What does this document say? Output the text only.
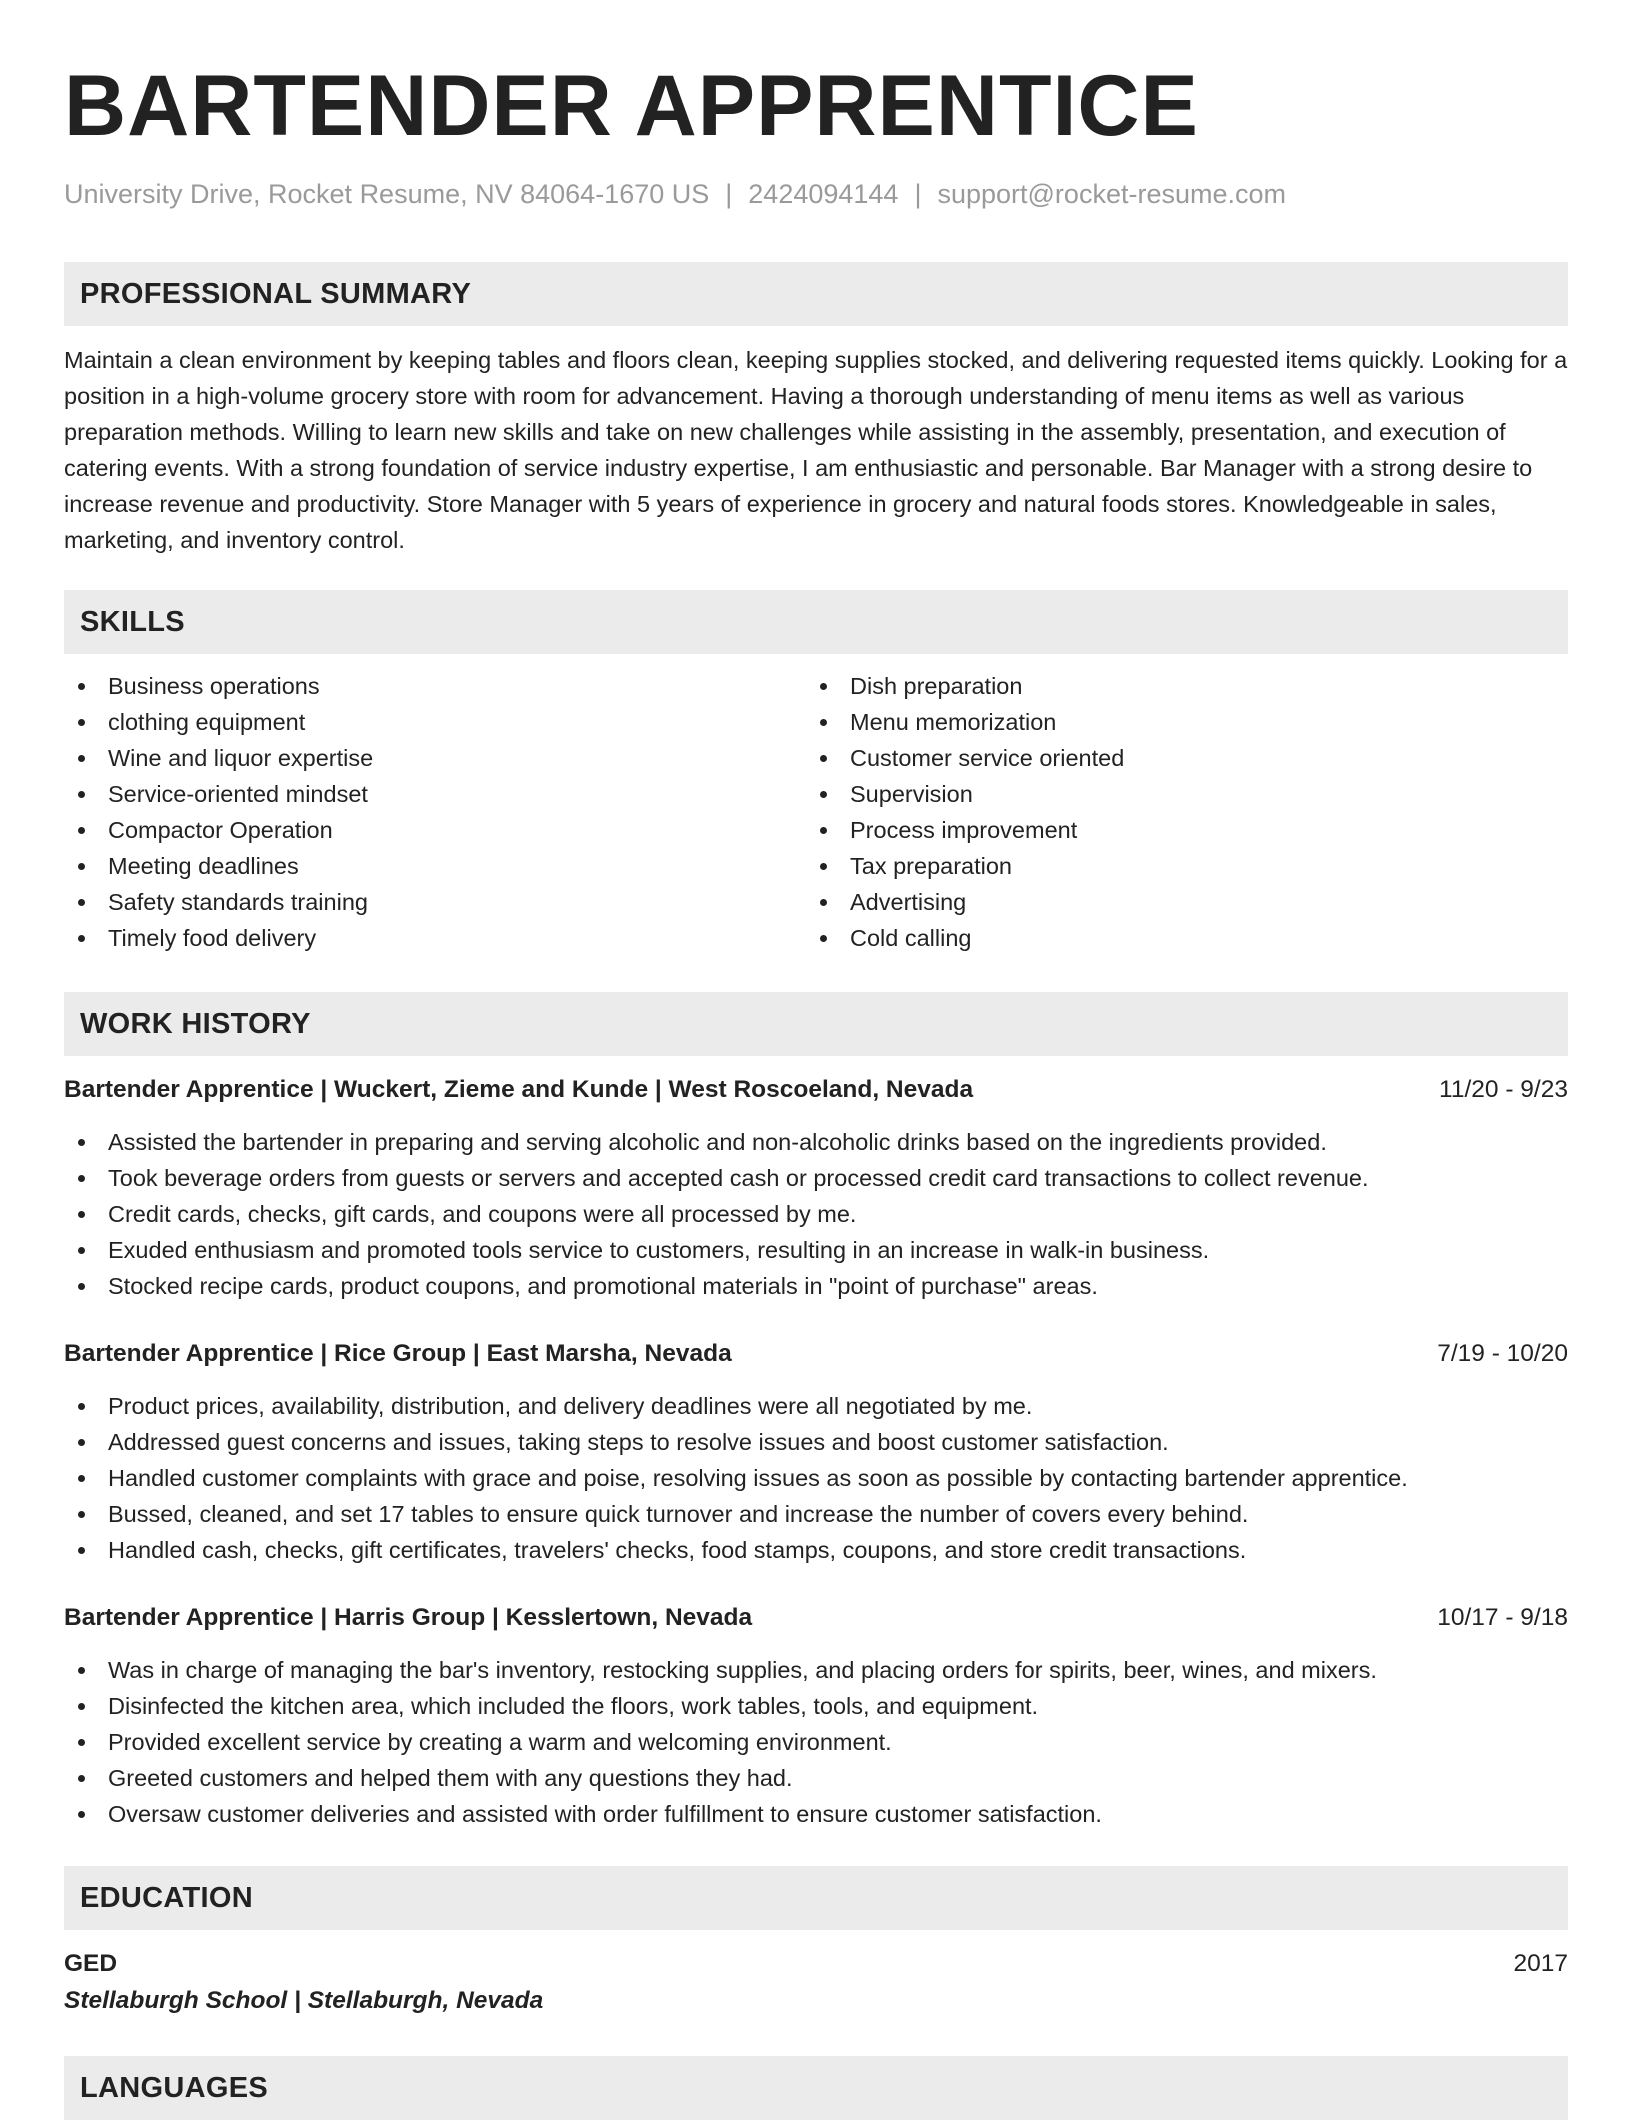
BARTENDER APPRENTICE
University Drive, Rocket Resume, NV 84064-1670 US | 2424094144 | support@rocket-resume.com
PROFESSIONAL SUMMARY

Maintain a clean environment by keeping tables and floors clean, keeping supplies stocked, and delivering requested items quickly. Looking for a position in a high-volume grocery store with room for advancement. Having a thorough understanding of menu items as well as various preparation methods. Willing to learn new skills and take on new challenges while assisting in the assembly, presentation, and execution of catering events. With a strong foundation of service industry expertise, I am enthusiastic and personable. Bar Manager with a strong desire to increase revenue and productivity. Store Manager with 5 years of experience in grocery and natural foods stores. Knowledgeable in sales, marketing, and inventory control.

SKILLS
Business operations
clothing equipment
Wine and liquor expertise
Service-oriented mindset
Compactor Operation
Meeting deadlines
Safety standards training
Timely food delivery
Dish preparation
Menu memorization
Customer service oriented
Supervision
Process improvement
Tax preparation
Advertising
Cold calling
WORK HISTORY
Bartender Apprentice | Wuckert, Zieme and Kunde | West Roscoeland, Nevada	11/20 - 9/23
Assisted the bartender in preparing and serving alcoholic and non-alcoholic drinks based on the ingredients provided.
Took beverage orders from guests or servers and accepted cash or processed credit card transactions to collect revenue.
Credit cards, checks, gift cards, and coupons were all processed by me.
Exuded enthusiasm and promoted tools service to customers, resulting in an increase in walk-in business.
Stocked recipe cards, product coupons, and promotional materials in "point of purchase" areas.
Bartender Apprentice | Rice Group | East Marsha, Nevada	7/19 - 10/20
Product prices, availability, distribution, and delivery deadlines were all negotiated by me.
Addressed guest concerns and issues, taking steps to resolve issues and boost customer satisfaction.
Handled customer complaints with grace and poise, resolving issues as soon as possible by contacting bartender apprentice.
Bussed, cleaned, and set 17 tables to ensure quick turnover and increase the number of covers every behind.
Handled cash, checks, gift certificates, travelers' checks, food stamps, coupons, and store credit transactions.
Bartender Apprentice | Harris Group | Kesslertown, Nevada	10/17 - 9/18
Was in charge of managing the bar's inventory, restocking supplies, and placing orders for spirits, beer, wines, and mixers.
Disinfected the kitchen area, which included the floors, work tables, tools, and equipment.
Provided excellent service by creating a warm and welcoming environment.
Greeted customers and helped them with any questions they had.
Oversaw customer deliveries and assisted with order fulfillment to ensure customer satisfaction.
EDUCATION
GED	2017
Stellaburgh School | Stellaburgh, Nevada
LANGUAGES
